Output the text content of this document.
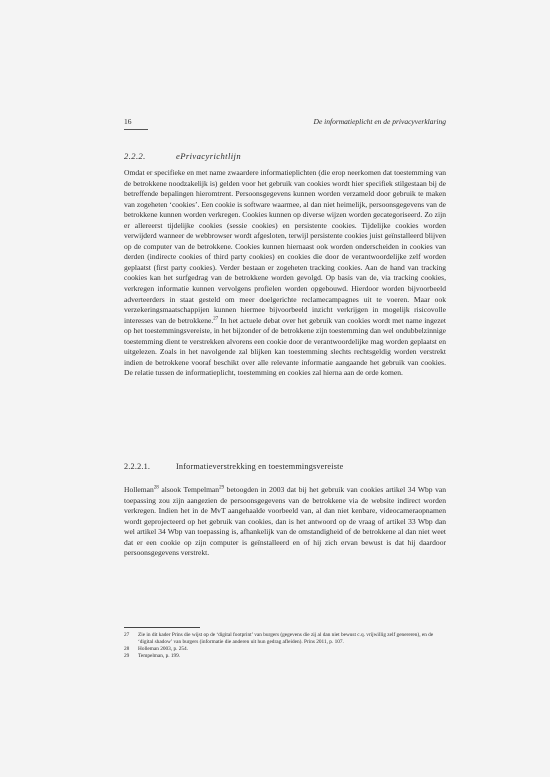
16	De informatieplicht en de privacyverklaring
2.2.2.	ePrivacyrichtlijn
Omdat er specifieke en met name zwaardere informatieplichten (die erop neerkomen dat toestemming van de betrokkene noodzakelijk is) gelden voor het gebruik van cookies wordt hier specifiek stilgestaan bij de betreffende bepalingen hieromtrent. Persoonsgegevens kunnen worden verzameld door gebruik te maken van zogeheten ‘cookies’. Een cookie is software waarmee, al dan niet heimelijk, persoonsgegevens van de betrokkene kunnen worden verkregen. Cookies kunnen op diverse wijzen worden gecategoriseerd. Zo zijn er allereerst tijdelijke cookies (sessie cookies) en persistente cookies. Tijdelijke cookies worden verwijderd wanneer de webbrowser wordt afgesloten, terwijl persistente cookies juist geïnstalleerd blijven op de computer van de betrokkene. Cookies kunnen hiernaast ook worden onderscheiden in cookies van derden (indirecte cookies of third party cookies) en cookies die door de verantwoordelijke zelf worden geplaatst (first party cookies). Verder bestaan er zogeheten tracking cookies. Aan de hand van tracking cookies kan het surfgedrag van de betrokkene worden gevolgd. Op basis van de, via tracking cookies, verkregen informatie kunnen vervolgens profielen worden opgebouwd. Hierdoor worden bijvoorbeeld adverteerders in staat gesteld om meer doelgerichte reclamecampagnes uit te voeren. Maar ook verzekeringsmaatschappijen kunnen hiermee bijvoorbeeld inzicht verkrijgen in mogelijk risicovolle interesses van de betrokkene.$^{27}$ In het actuele debat over het gebruik van cookies wordt met name ingezet op het toestemmingsvereiste, in het bijzonder of de betrokkene zijn toestemming dan wel ondubbelzinnige toestemming dient te verstrekken alvorens een cookie door de verantwoordelijke mag worden geplaatst en uitgelezen. Zoals in het navolgende zal blijken kan toestemming slechts rechtsgeldig worden verstrekt indien de betrokkene vooraf beschikt over alle relevante informatie aangaande het gebruik van cookies. De relatie tussen de informatieplicht, toestemming en cookies zal hierna aan de orde komen.
2.2.2.1.	Informatieverstrekking en toestemmingsvereiste
Holleman$^{28}$ alsook Tempelman$^{29}$ betoogden in 2003 dat bij het gebruik van cookies artikel 34 Wbp van toepassing zou zijn aangezien de persoonsgegevens van de betrokkene via de website indirect worden verkregen. Indien het in de MvT aangehaalde voorbeeld van, al dan niet kenbare, videocameraopnamen wordt geprojecteerd op het gebruik van cookies, dan is het antwoord op de vraag of artikel 33 Wbp dan wel artikel 34 Wbp van toepassing is, afhankelijk van de omstandigheid of de betrokkene al dan niet weet dat er een cookie op zijn computer is geïnstalleerd en of hij zich ervan bewust is dat hij daardoor persoonsgegevens verstrekt.
27	Zie in dit kader Prins die wijst op de ‘digital footprint’ van burgers (gegevens die zij al dan niet bewust c.q. vrijwillig zelf genereren), en de ‘digital shadow’ van burgers (informatie die anderen uit hun gedrag afleiden). Prins 2011, p. 107.
28	Holleman 2003, p. 254.
29	Tempelman, p. 199.
